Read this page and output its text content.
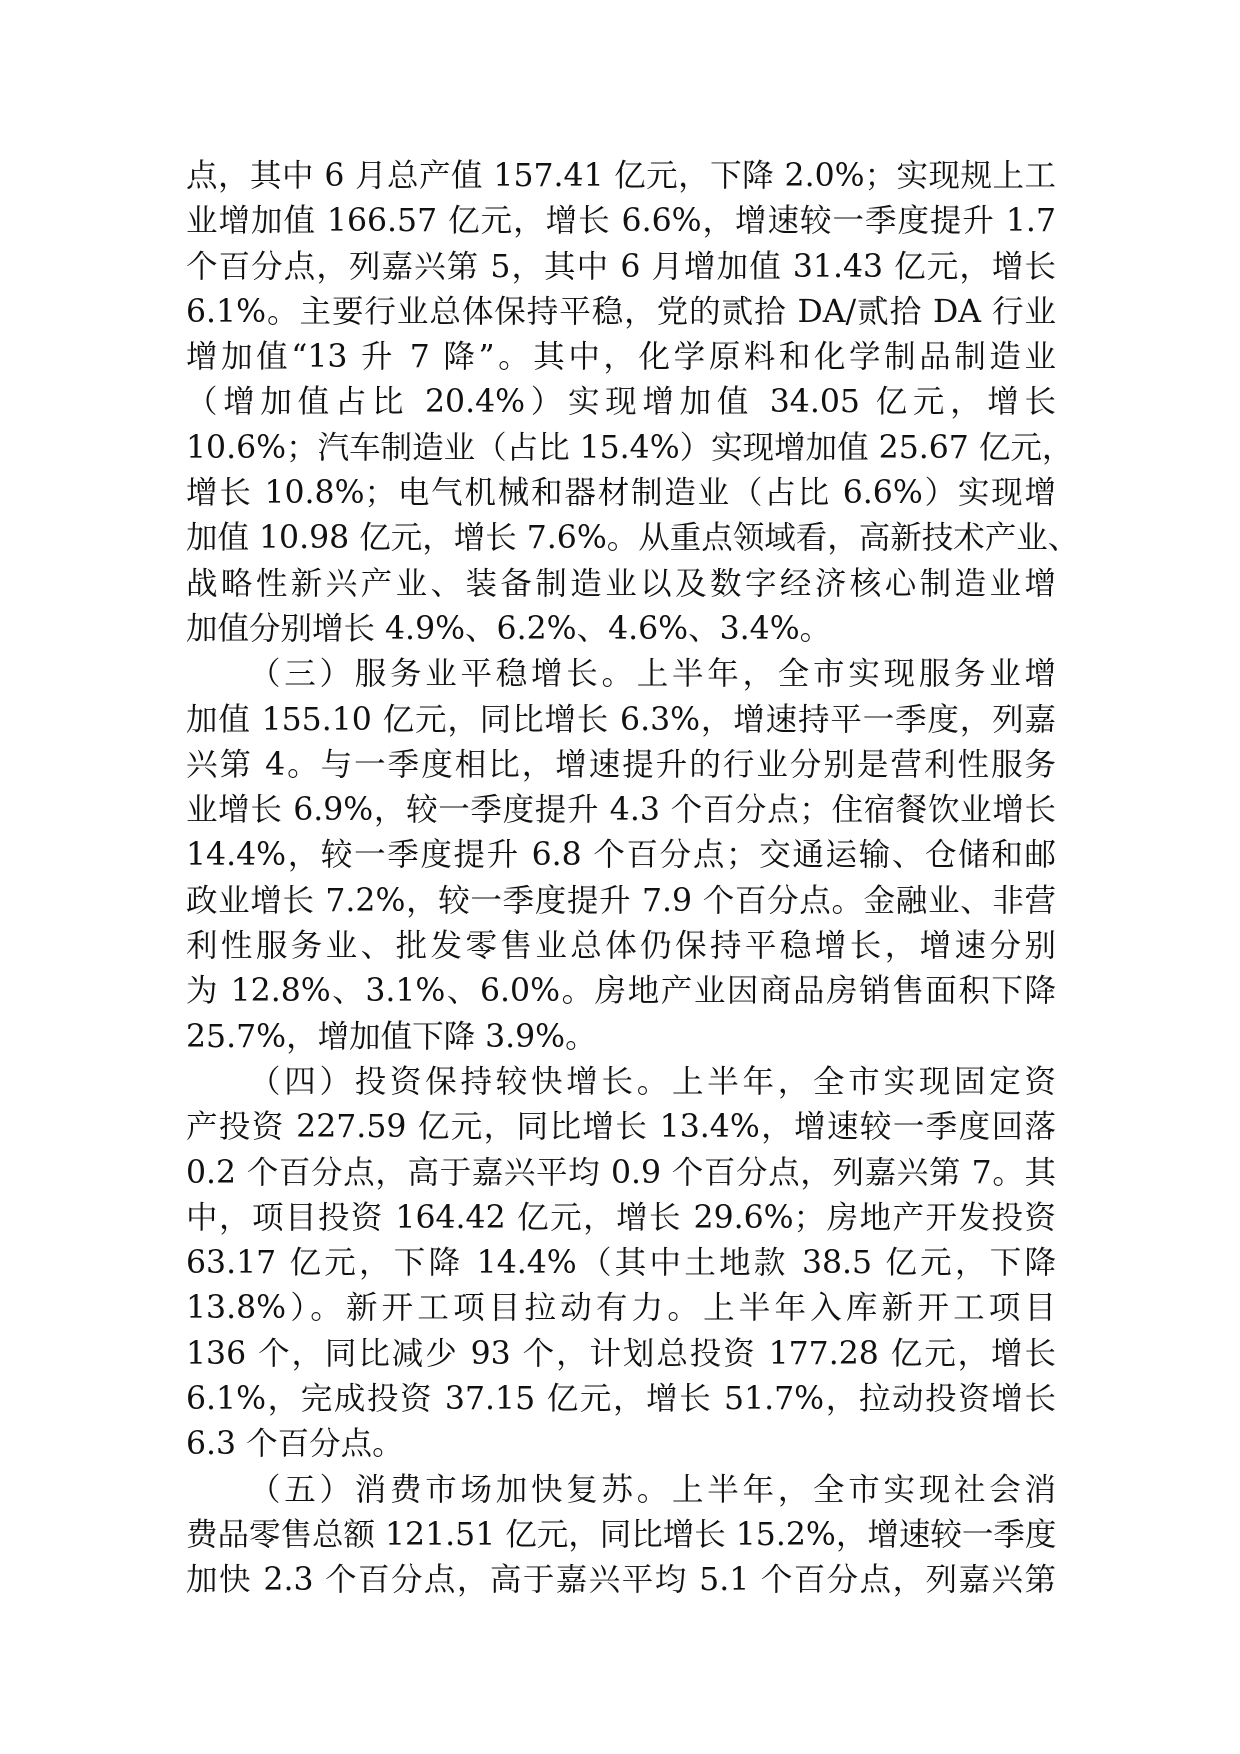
点，其中 6 月总产值 157.41 亿元，下降 2.0%；实现规上工
业增加值 166.57 亿元，增长 6.6%，增速较一季度提升 1.7
个百分点，列嘉兴第 5，其中 6 月增加值 31.43 亿元，增长
6.1%。主要行业总体保持平稳，党的贰拾 DA/贰拾 DA 行业
增加值“13 升 7 降”。其中，化学原料和化学制品制造业
（增加值占比 20.4%）实现增加值 34.05 亿元，增长
10.6%；汽车制造业（占比 15.4%）实现增加值 25.67 亿元，
增长 10.8%；电气机械和器材制造业（占比 6.6%）实现增
加值 10.98 亿元，增长 7.6%。从重点领域看，高新技术产业、
战略性新兴产业、装备制造业以及数字经济核心制造业增
加值分别增长 4.9%、6.2%、4.6%、3.4%。
（三）服务业平稳增长。上半年，全市实现服务业增
加值 155.10 亿元，同比增长 6.3%，增速持平一季度，列嘉
兴第 4。与一季度相比，增速提升的行业分别是营利性服务
业增长 6.9%，较一季度提升 4.3 个百分点；住宿餐饮业增长
14.4%，较一季度提升 6.8 个百分点；交通运输、仓储和邮
政业增长 7.2%，较一季度提升 7.9 个百分点。金融业、非营
利性服务业、批发零售业总体仍保持平稳增长，增速分别
为 12.8%、3.1%、6.0%。房地产业因商品房销售面积下降
25.7%，增加值下降 3.9%。
（四）投资保持较快增长。上半年，全市实现固定资
产投资 227.59 亿元，同比增长 13.4%，增速较一季度回落
0.2 个百分点，高于嘉兴平均 0.9 个百分点，列嘉兴第 7。其
中，项目投资 164.42 亿元，增长 29.6%；房地产开发投资
63.17 亿元，下降 14.4%（其中土地款 38.5 亿元，下降
13.8%）。新开工项目拉动有力。上半年入库新开工项目
136 个，同比减少 93 个，计划总投资 177.28 亿元，增长
6.1%，完成投资 37.15 亿元，增长 51.7%，拉动投资增长
6.3 个百分点。
（五）消费市场加快复苏。上半年，全市实现社会消
费品零售总额 121.51 亿元，同比增长 15.2%，增速较一季度
加快 2.3 个百分点，高于嘉兴平均 5.1 个百分点，列嘉兴第
